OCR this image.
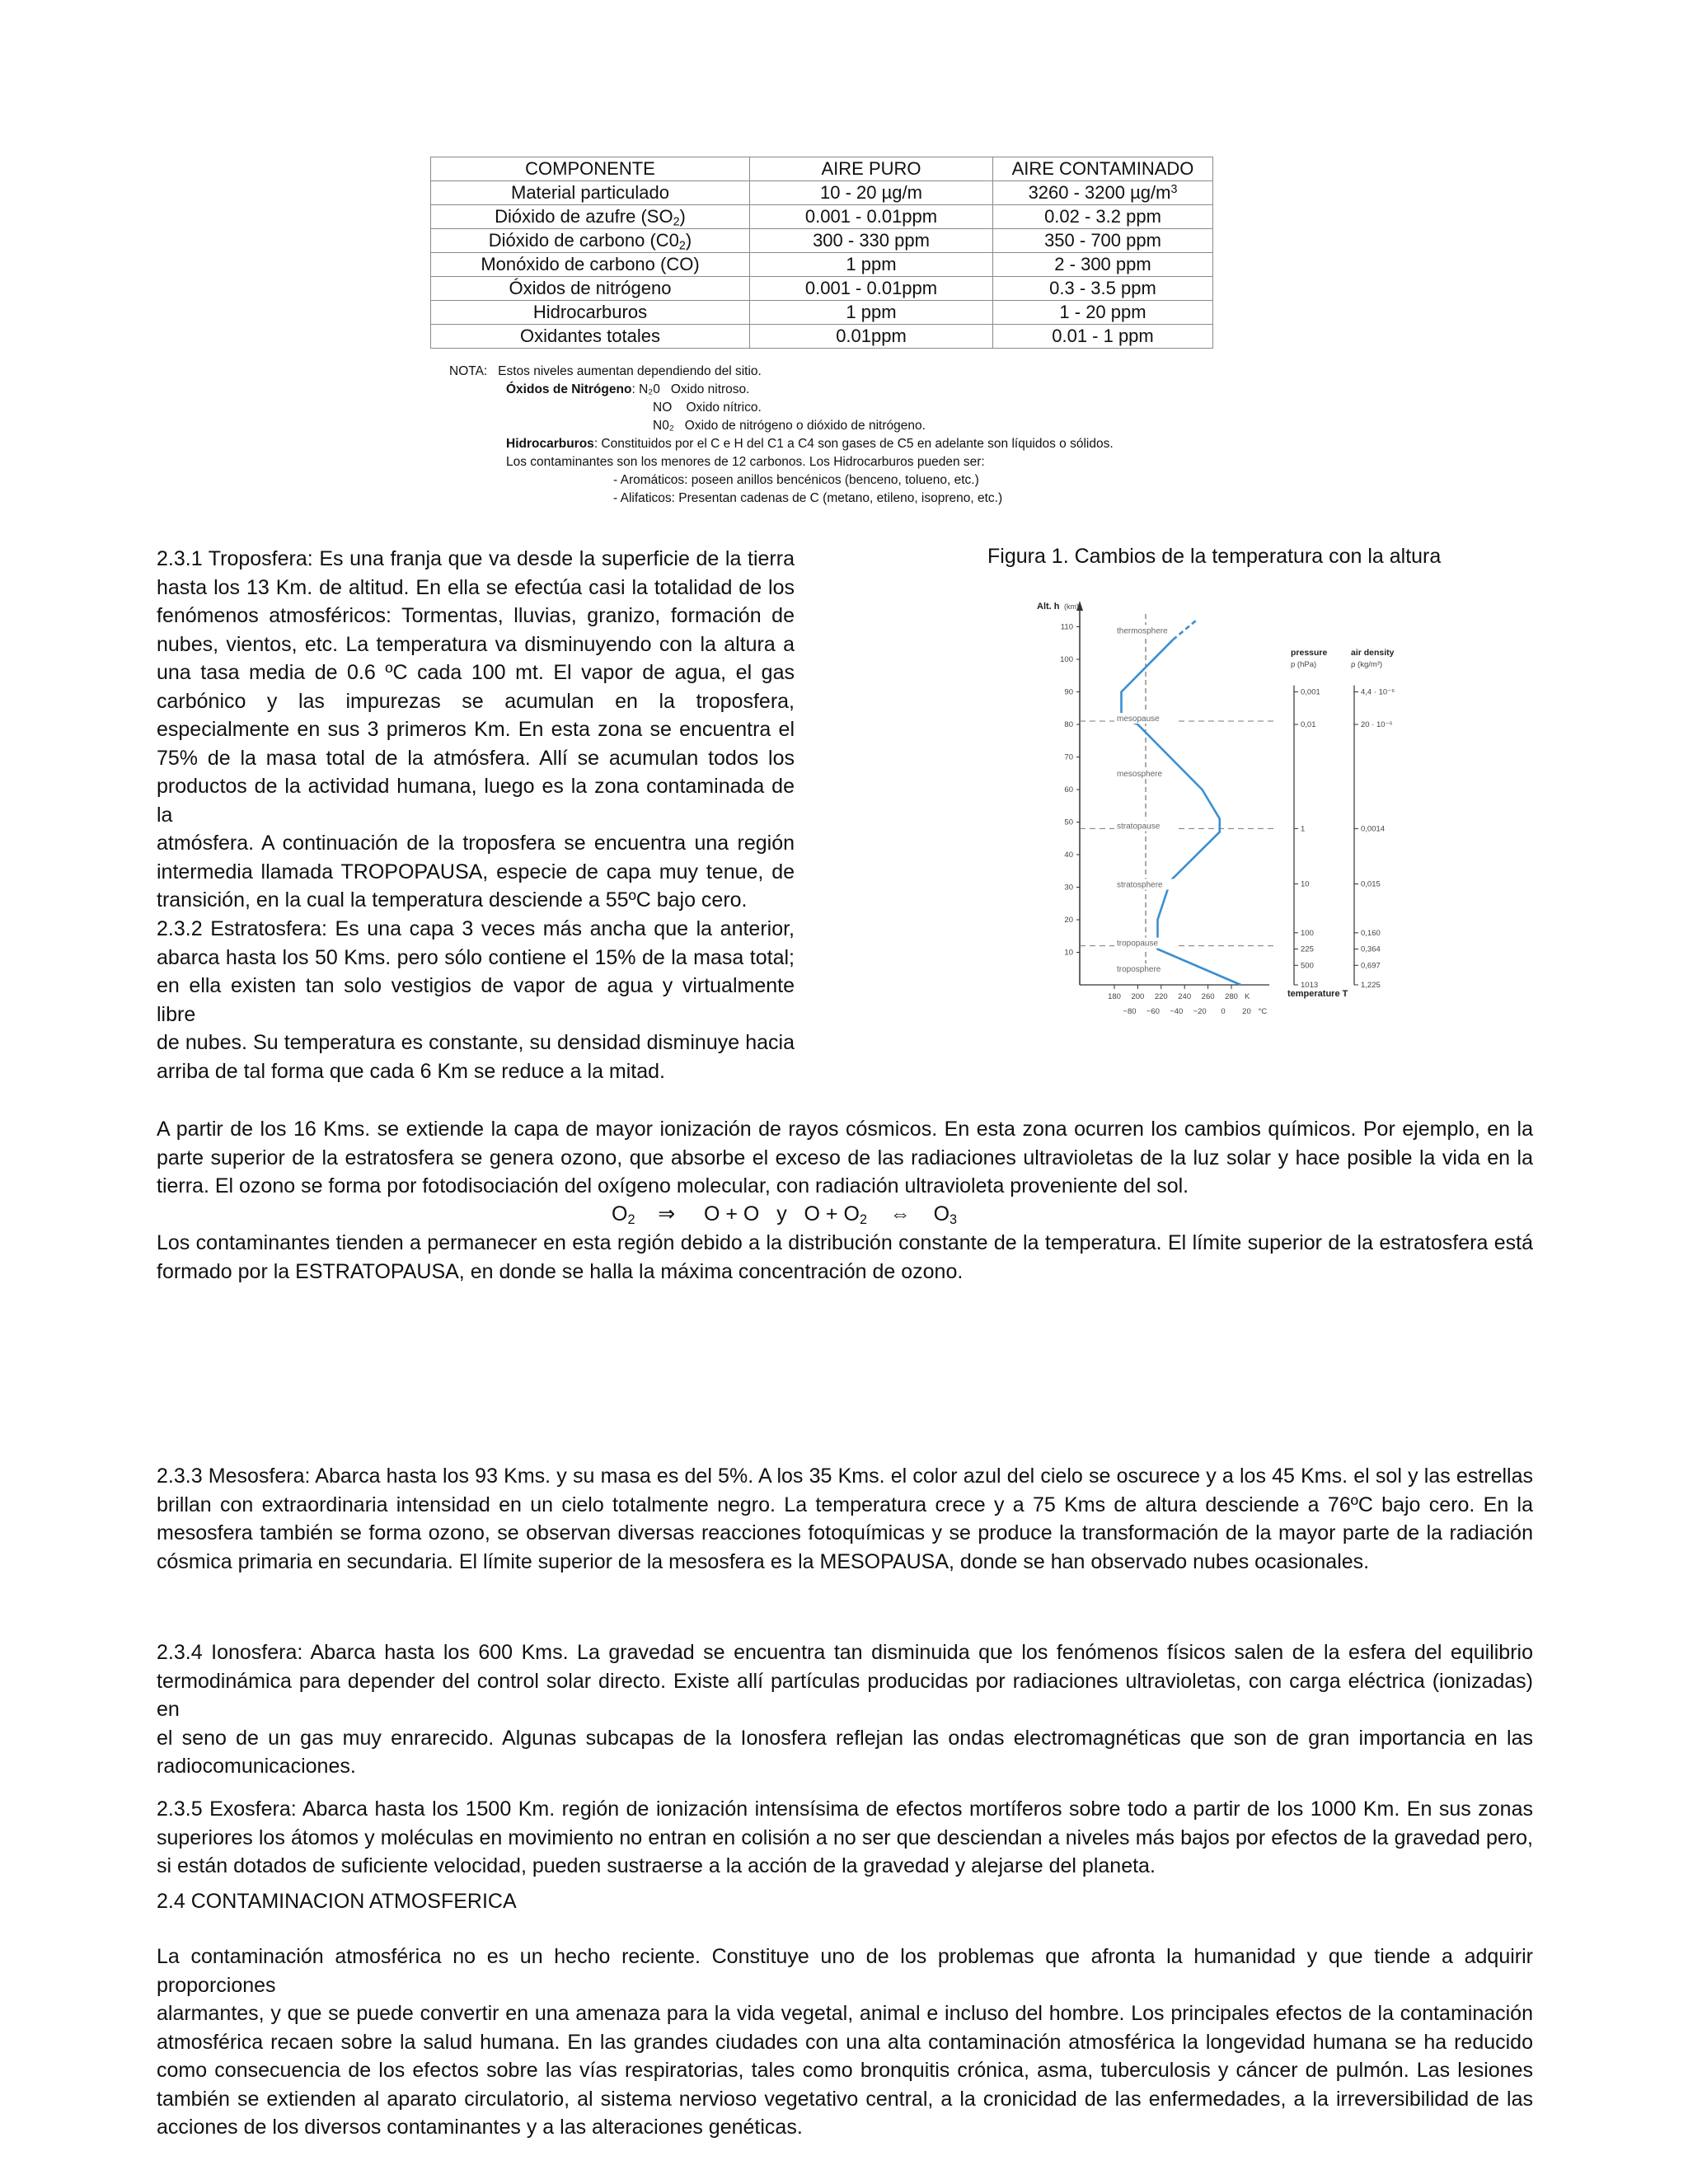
COMPONENTE	AIRE PURO	AIRE CONTAMINADO
Material particulado	10 - 20 µg/m	3260 - 3200 $\mu g/m^3$
Dióxido de azufre $(SO_2)$	0.001 - 0.01ppm	0.02 - 3.2 ppm
Dióxido de carbono $(C0_2)$	300 - 330 ppm	350 - 700 ppm
Monóxido de carbono (CO)	1 ppm	2 - 300 ppm
Óxidos de nitrógeno	0.001 - 0.01ppm	0.3 - 3.5 ppm
Hidrocarburos	1 ppm	1 - 20 ppm
Oxidantes totales	0.01ppm	0.01 - 1 ppm
NOTA: Estos niveles aumentan dependiendo del sitio.
Óxidos de Nitrógeno: N₂0 Oxido nitroso.
NO Oxido nítrico.
N0₂ Oxido de nitrógeno o dióxido de nitrógeno.
Hidrocarburos: Constituidos por el C e H del C1 a C4 son gases de C5 en adelante son líquidos o sólidos.
Los contaminantes son los menores de 12 carbonos. Los Hidrocarburos pueden ser:
- Aromáticos: poseen anillos bencénicos (benceno, tolueno, etc.)
- Alifaticos: Presentan cadenas de C (metano, etileno, isopreno, etc.)
2.3.1 Troposfera: Es una franja que va desde la superficie de la tierra
hasta los 13 Km. de altitud. En ella se efectúa casi la totalidad de los
fenómenos atmosféricos: Tormentas, lluvias, granizo, formación de
nubes, vientos, etc. La temperatura va disminuyendo con la altura a
una tasa media de 0.6 ºC cada 100 mt. El vapor de agua, el gas
carbónico y las impurezas se acumulan en la troposfera,
especialmente en sus 3 primeros Km. En esta zona se encuentra el
75% de la masa total de la atmósfera. Allí se acumulan todos los
productos de la actividad humana, luego es la zona contaminada de la
atmósfera. A continuación de la troposfera se encuentra una región
intermedia llamada TROPOPAUSA, especie de capa muy tenue, de
transición, en la cual la temperatura desciende a 55ºC bajo cero.
2.3.2 Estratosfera: Es una capa 3 veces más ancha que la anterior,
abarca hasta los 50 Kms. pero sólo contiene el 15% de la masa total;
en ella existen tan solo vestigios de vapor de agua y virtualmente libre
de nubes. Su temperatura es constante, su densidad disminuye hacia
arriba de tal forma que cada 6 Km se reduce a la mitad.
Figura 1. Cambios de la temperatura con la altura
Alt. h (km)
10
20
30
40
50
60
70
80
90
100
110
180 200 220 240 260 280 K
−80 −60 −40 −20 0 20 °C
temperature T
thermosphere
mesopause
mesosphere
stratopause
stratosphere
tropopause
troposphere
pressure
p (hPa)
0,001
0,01
1
10
100
225
500
1013
air density
ρ (kg/m³)
4,4 · 10⁻⁶
20 · 10⁻⁶
0,0014
0,015
0,160
0,364
0,697
1,225
A partir de los 16 Kms. se extiende la capa de mayor ionización de rayos cósmicos. En esta zona ocurren los cambios químicos. Por ejemplo, en la
parte superior de la estratosfera se genera ozono, que absorbe el exceso de las radiaciones ultravioletas de la luz solar y hace posible la vida en la
tierra. El ozono se forma por fotodisociación del oxígeno molecular, con radiación ultravioleta proveniente del sol.
$O_2$ ⇒ O + O   y   $O + O_2$ ⇔ $O_3$
Los contaminantes tienden a permanecer en esta región debido a la distribución constante de la temperatura. El límite superior de la estratosfera está
formado por la ESTRATOPAUSA, en donde se halla la máxima concentración de ozono.
2.3.3 Mesosfera: Abarca hasta los 93 Kms. y su masa es del 5%. A los 35 Kms. el color azul del cielo se oscurece y a los 45 Kms. el sol y las estrellas
brillan con extraordinaria intensidad en un cielo totalmente negro. La temperatura crece y a 75 Kms de altura desciende a 76ºC bajo cero. En la
mesosfera también se forma ozono, se observan diversas reacciones fotoquímicas y se produce la transformación de la mayor parte de la radiación
cósmica primaria en secundaria. El límite superior de la mesosfera es la MESOPAUSA, donde se han observado nubes ocasionales.
2.3.4 Ionosfera: Abarca hasta los 600 Kms. La gravedad se encuentra tan disminuida que los fenómenos físicos salen de la esfera del equilibrio
termodinámica para depender del control solar directo. Existe allí partículas producidas por radiaciones ultravioletas, con carga eléctrica (ionizadas) en
el seno de un gas muy enrarecido. Algunas subcapas de la Ionosfera reflejan las ondas electromagnéticas que son de gran importancia en las
radiocomunicaciones.
2.3.5 Exosfera: Abarca hasta los 1500 Km. región de ionización intensísima de efectos mortíferos sobre todo a partir de los 1000 Km. En sus zonas
superiores los átomos y moléculas en movimiento no entran en colisión a no ser que desciendan a niveles más bajos por efectos de la gravedad pero,
si están dotados de suficiente velocidad, pueden sustraerse a la acción de la gravedad y alejarse del planeta.
2.4 CONTAMINACION ATMOSFERICA
La contaminación atmosférica no es un hecho reciente. Constituye uno de los problemas que afronta la humanidad y que tiende a adquirir proporciones
alarmantes, y que se puede convertir en una amenaza para la vida vegetal, animal e incluso del hombre. Los principales efectos de la contaminación
atmosférica recaen sobre la salud humana. En las grandes ciudades con una alta contaminación atmosférica la longevidad humana se ha reducido
como consecuencia de los efectos sobre las vías respiratorias, tales como bronquitis crónica, asma, tuberculosis y cáncer de pulmón. Las lesiones
también se extienden al aparato circulatorio, al sistema nervioso vegetativo central, a la cronicidad de las enfermedades, a la irreversibilidad de las
acciones de los diversos contaminantes y a las alteraciones genéticas.
